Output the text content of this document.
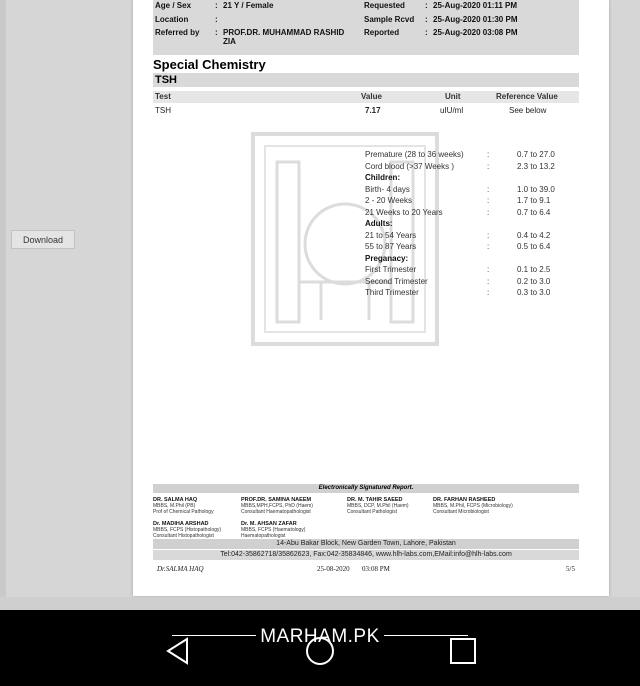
Download
Age / Sex	: 21 Y / Female
Location	:
Referred by : PROF.DR. MUHAMMAD RASHID
ZIA
Requested	: 25-Aug-2020 01:11 PM
Sample Rcvd : 25-Aug-2020 01:30 PM
Reported	: 25-Aug-2020 03:08 PM
Special Chemistry
TSH
Test	Value	Unit	Reference Value
TSH	7.17	uIU/ml	See below
Premature (28 to 36 weeks)	:	0.7 to 27.0
Cord blood (>37 Weeks )	:	2.3 to 13.2
Children:
Birth- 4 days	:	1.0 to 39.0
2 - 20 Weeks	:	1.7 to 9.1
21 Weeks to 20 Years	:	0.7 to 6.4
Adults:
21 to 54 Years	:	0.4 to 4.2
55 to 87 Years	:	0.5 to 6.4
Preganacy:
First Trimester	:	0.1 to 2.5
Second Trimester	:	0.2 to 3.0
Third Trimester	:	0.3 to 3.0
Electronically Signatured Report.
DR. SALMA HAQ
MBBS, M.Phil (PB)
Prof of Chemical Pathology
PROF.DR. SAMINA NAEEM
MBBS,MPH,FCPS, PhD (Haem)
Consultant Haematopathologist
DR. M. TAHIR SAEED
MBBS, DCP, M.Phil (Haem)
Consultant Pathologist
DR. FARHAN RASHEED
MBBS, M.Phil, FCPS (Microbiology)
Consultant Microbiologist
Dr. MADIHA ARSHAD
MBBS, FCPS (Histopathology)
Consultant Histopathologist
Dr. M. AHSAN ZAFAR
MBBS, FCPS (Haematology)
Haematopathologist
14-Abu Bakar Block, New Garden Town, Lahore, Pakistan
Tel:042-35862718/35862623, Fax:042-35834846, www.hlh-labs.com,EMail:info@hlh-labs.com
Dr.SALMA HAQ	25-08-2020 03:08 PM	5/5
MARHAM.PK
